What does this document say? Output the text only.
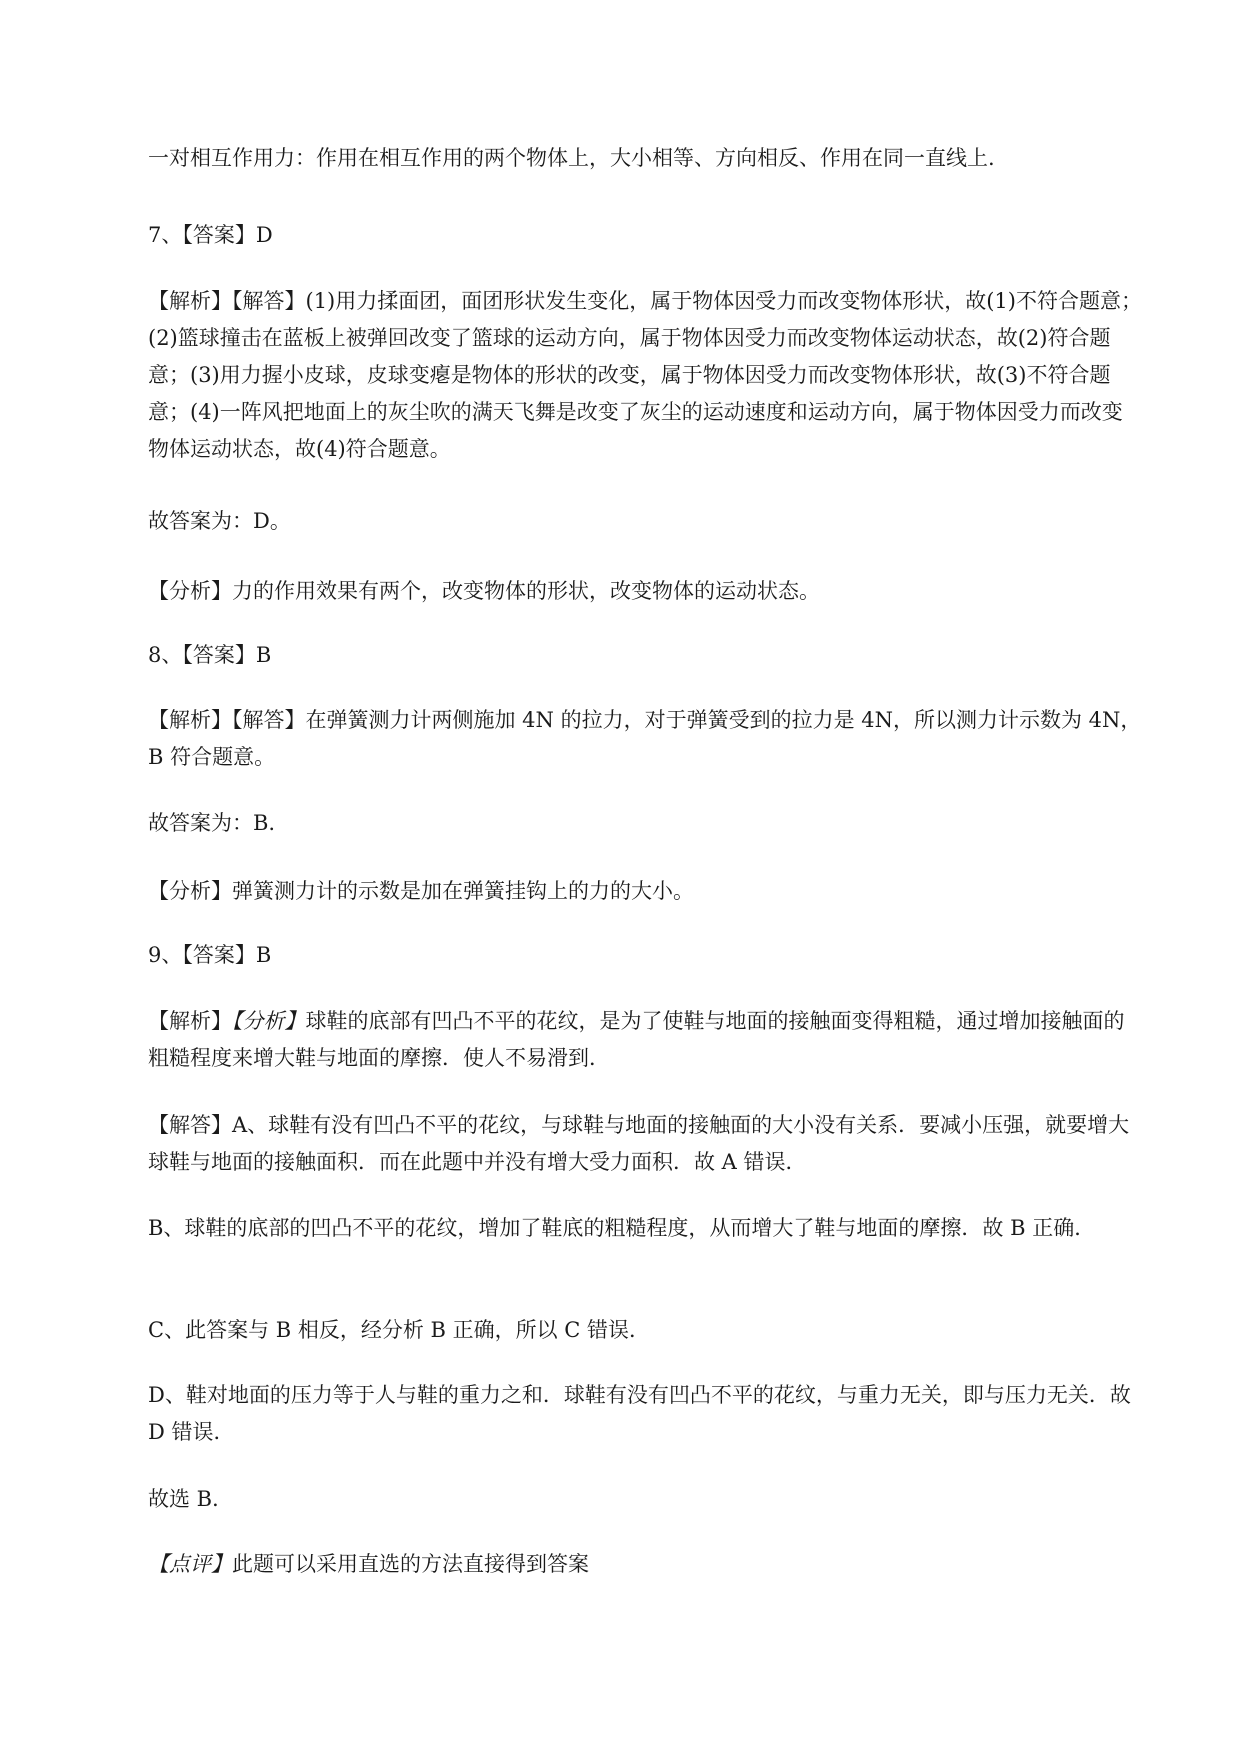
一对相互作用力：作用在相互作用的两个物体上，大小相等、方向相反、作用在同一直线上.

7、【答案】D

【解析】【解答】(1)用力揉面团，面团形状发生变化，属于物体因受力而改变物体形状，故(1)不符合题意；(2)篮球撞击在蓝板上被弹回改变了篮球的运动方向，属于物体因受力而改变物体运动状态，故(2)符合题意；(3)用力握小皮球，皮球变瘪是物体的形状的改变，属于物体因受力而改变物体形状，故(3)不符合题意；(4)一阵风把地面上的灰尘吹的满天飞舞是改变了灰尘的运动速度和运动方向，属于物体因受力而改变物体运动状态，故(4)符合题意。

故答案为：D。

【分析】力的作用效果有两个，改变物体的形状，改变物体的运动状态。

8、【答案】B

【解析】【解答】在弹簧测力计两侧施加 4N 的拉力，对于弹簧受到的拉力是 4N，所以测力计示数为 4N，B 符合题意。

故答案为：B.

【分析】弹簧测力计的示数是加在弹簧挂钩上的力的大小。

9、【答案】B

【解析】【分析】球鞋的底部有凹凸不平的花纹，是为了使鞋与地面的接触面变得粗糙，通过增加接触面的粗糙程度来增大鞋与地面的摩擦．使人不易滑到．

【解答】A、球鞋有没有凹凸不平的花纹，与球鞋与地面的接触面的大小没有关系．要减小压强，就要增大球鞋与地面的接触面积．而在此题中并没有增大受力面积．故 A 错误．

B、球鞋的底部的凹凸不平的花纹，增加了鞋底的粗糙程度，从而增大了鞋与地面的摩擦．故 B 正确．

C、此答案与 B 相反，经分析 B 正确，所以 C 错误．

D、鞋对地面的压力等于人与鞋的重力之和．球鞋有没有凹凸不平的花纹，与重力无关，即与压力无关．故 D 错误．

故选 B．

【点评】此题可以采用直选的方法直接得到答案
